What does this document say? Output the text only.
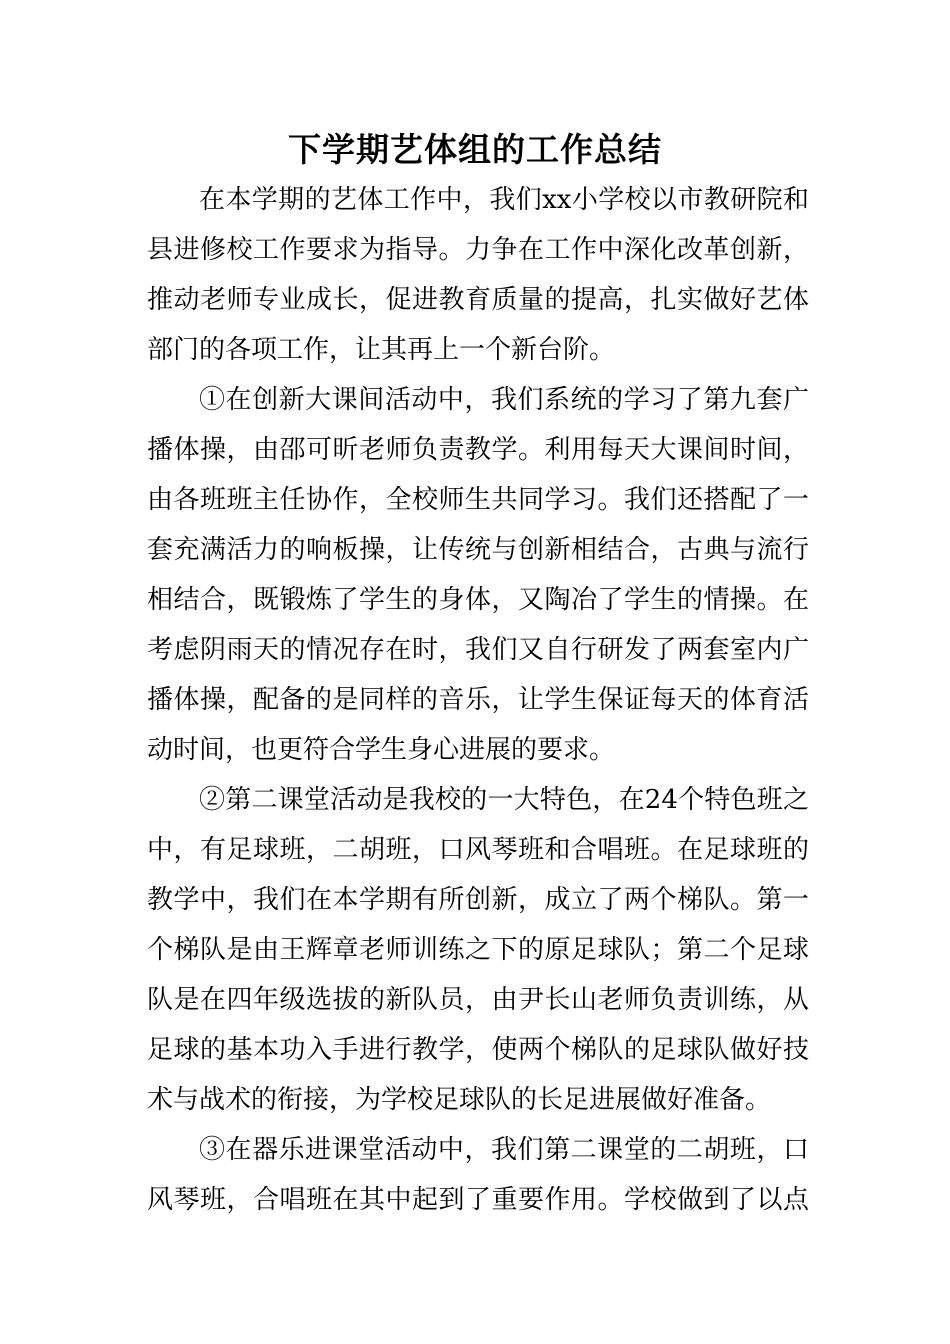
下学期艺体组的工作总结

在本学期的艺体工作中，我们xx小学校以市教研院和
县进修校工作要求为指导。力争在工作中深化改革创新，
推动老师专业成长，促进教育质量的提高，扎实做好艺体
部门的各项工作，让其再上一个新台阶。

①在创新大课间活动中，我们系统的学习了第九套广
播体操，由邵可昕老师负责教学。利用每天大课间时间，
由各班班主任协作，全校师生共同学习。我们还搭配了一
套充满活力的响板操，让传统与创新相结合，古典与流行
相结合，既锻炼了学生的身体，又陶冶了学生的情操。在
考虑阴雨天的情况存在时，我们又自行研发了两套室内广
播体操，配备的是同样的音乐，让学生保证每天的体育活
动时间，也更符合学生身心进展的要求。

②第二课堂活动是我校的一大特色，在24个特色班之
中，有足球班，二胡班，口风琴班和合唱班。在足球班的
教学中，我们在本学期有所创新，成立了两个梯队。第一
个梯队是由王辉章老师训练之下的原足球队；第二个足球
队是在四年级选拔的新队员，由尹长山老师负责训练，从
足球的基本功入手进行教学，使两个梯队的足球队做好技
术与战术的衔接，为学校足球队的长足进展做好准备。

③在器乐进课堂活动中，我们第二课堂的二胡班，口
风琴班，合唱班在其中起到了重要作用。学校做到了以点
